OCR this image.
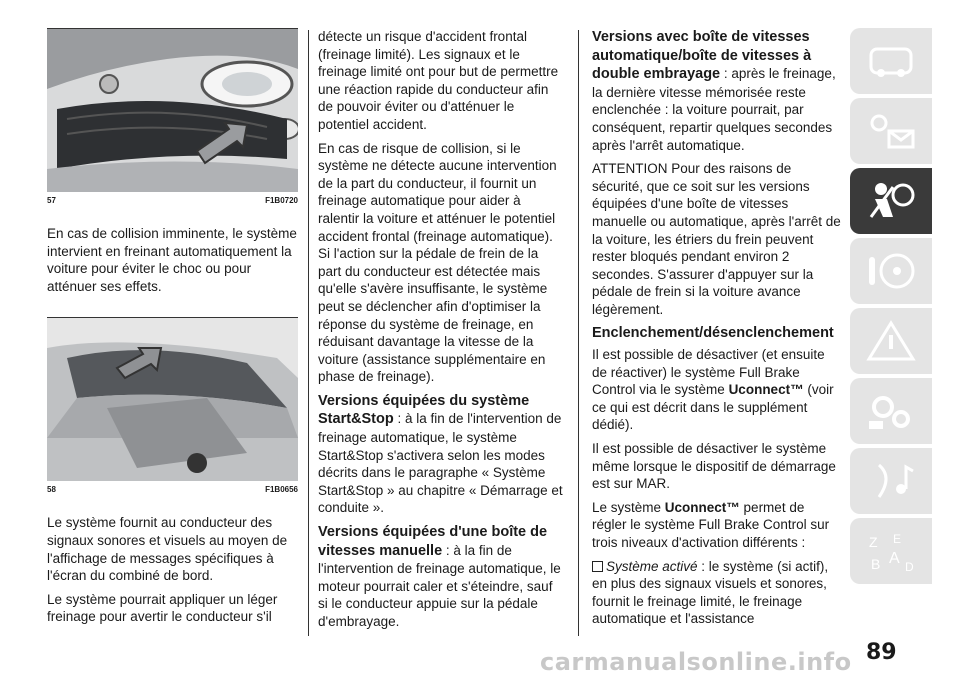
57	F1B0720

En cas de collision imminente, le système intervient en freinant automatiquement la voiture pour éviter le choc ou pour atténuer ses effets.

58	F1B0656

Le système fournit au conducteur des signaux sonores et visuels au moyen de l'affichage de messages spécifiques à l'écran du combiné de bord.

Le système pourrait appliquer un léger freinage pour avertir le conducteur s'il

détecte un risque d'accident frontal (freinage limité). Les signaux et le freinage limité ont pour but de permettre une réaction rapide du conducteur afin de pouvoir éviter ou d'atténuer le potentiel accident.

En cas de risque de collision, si le système ne détecte aucune intervention de la part du conducteur, il fournit un freinage automatique pour aider à ralentir la voiture et atténuer le potentiel accident frontal (freinage automatique). Si l'action sur la pédale de frein de la part du conducteur est détectée mais qu'elle s'avère insuffisante, le système peut se déclencher afin d'optimiser la réponse du système de freinage, en réduisant davantage la vitesse de la voiture (assistance supplémentaire en phase de freinage).

Versions équipées du système Start&Stop : à la fin de l'intervention de freinage automatique, le système Start&Stop s'activera selon les modes décrits dans le paragraphe « Système Start&Stop » au chapitre « Démarrage et conduite ».

Versions équipées d'une boîte de vitesses manuelle : à la fin de l'intervention de freinage automatique, le moteur pourrait caler et s'éteindre, sauf si le conducteur appuie sur la pédale d'embrayage.

Versions avec boîte de vitesses automatique/boîte de vitesses à double embrayage : après le freinage, la dernière vitesse mémorisée reste enclenchée : la voiture pourrait, par conséquent, repartir quelques secondes après l'arrêt automatique.

ATTENTION Pour des raisons de sécurité, que ce soit sur les versions équipées d'une boîte de vitesses manuelle ou automatique, après l'arrêt de la voiture, les étriers du frein peuvent rester bloqués pendant environ 2 secondes. S'assurer d'appuyer sur la pédale de frein si la voiture avance légèrement.

Enclenchement/désenclenchement

Il est possible de désactiver (et ensuite de réactiver) le système Full Brake Control via le système Uconnect™ (voir ce qui est décrit dans le supplément dédié).

Il est possible de désactiver le système même lorsque le dispositif de démarrage est sur MAR.

Le système Uconnect™ permet de régler le système Full Brake Control sur trois niveaux d'activation différents :

Système activé : le système (si actif), en plus des signaux visuels et sonores, fournit le freinage limité, le freinage automatique et l'assistance

Z E
B A D
89
carmanualsonline.info
